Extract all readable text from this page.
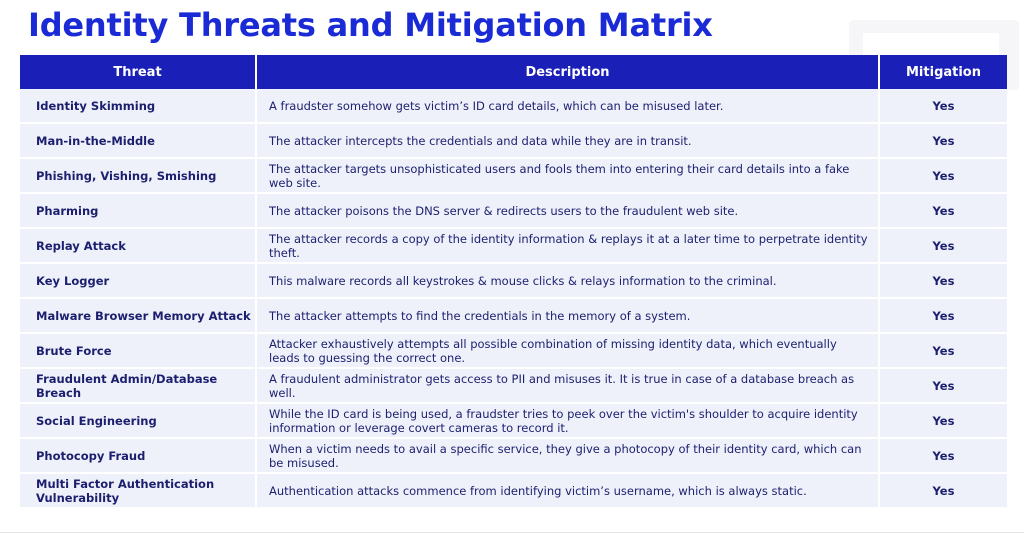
Identity Threats and Mitigation Matrix
Threat	Description	Mitigation
Identity Skimming	A fraudster somehow gets victim’s ID card details, which can be misused later.	Yes
Man-in-the-Middle	The attacker intercepts the credentials and data while they are in transit.	Yes
Phishing, Vishing, Smishing	The attacker targets unsophisticated users and fools them into entering their card details into a fake web site.	Yes
Pharming	The attacker poisons the DNS server & redirects users to the fraudulent web site.	Yes
Replay Attack	The attacker records a copy of the identity information & replays it at a later time to perpetrate identity theft.	Yes
Key Logger	This malware records all keystrokes & mouse clicks & relays information to the criminal.	Yes
Malware Browser Memory Attack	The attacker attempts to find the credentials in the memory of a system.	Yes
Brute Force	Attacker exhaustively attempts all possible combination of missing identity data, which eventually leads to guessing the correct one.	Yes
Fraudulent Admin/Database Breach	A fraudulent administrator gets access to PII and misuses it. It is true in case of a database breach as well.	Yes
Social Engineering	While the ID card is being used, a fraudster tries to peek over the victim's shoulder to acquire identity information or leverage covert cameras to record it.	Yes
Photocopy Fraud	When a victim needs to avail a specific service, they give a photocopy of their identity card, which can be misused.	Yes
Multi Factor Authentication Vulnerability	Authentication attacks commence from identifying victim’s username, which is always static.	Yes
